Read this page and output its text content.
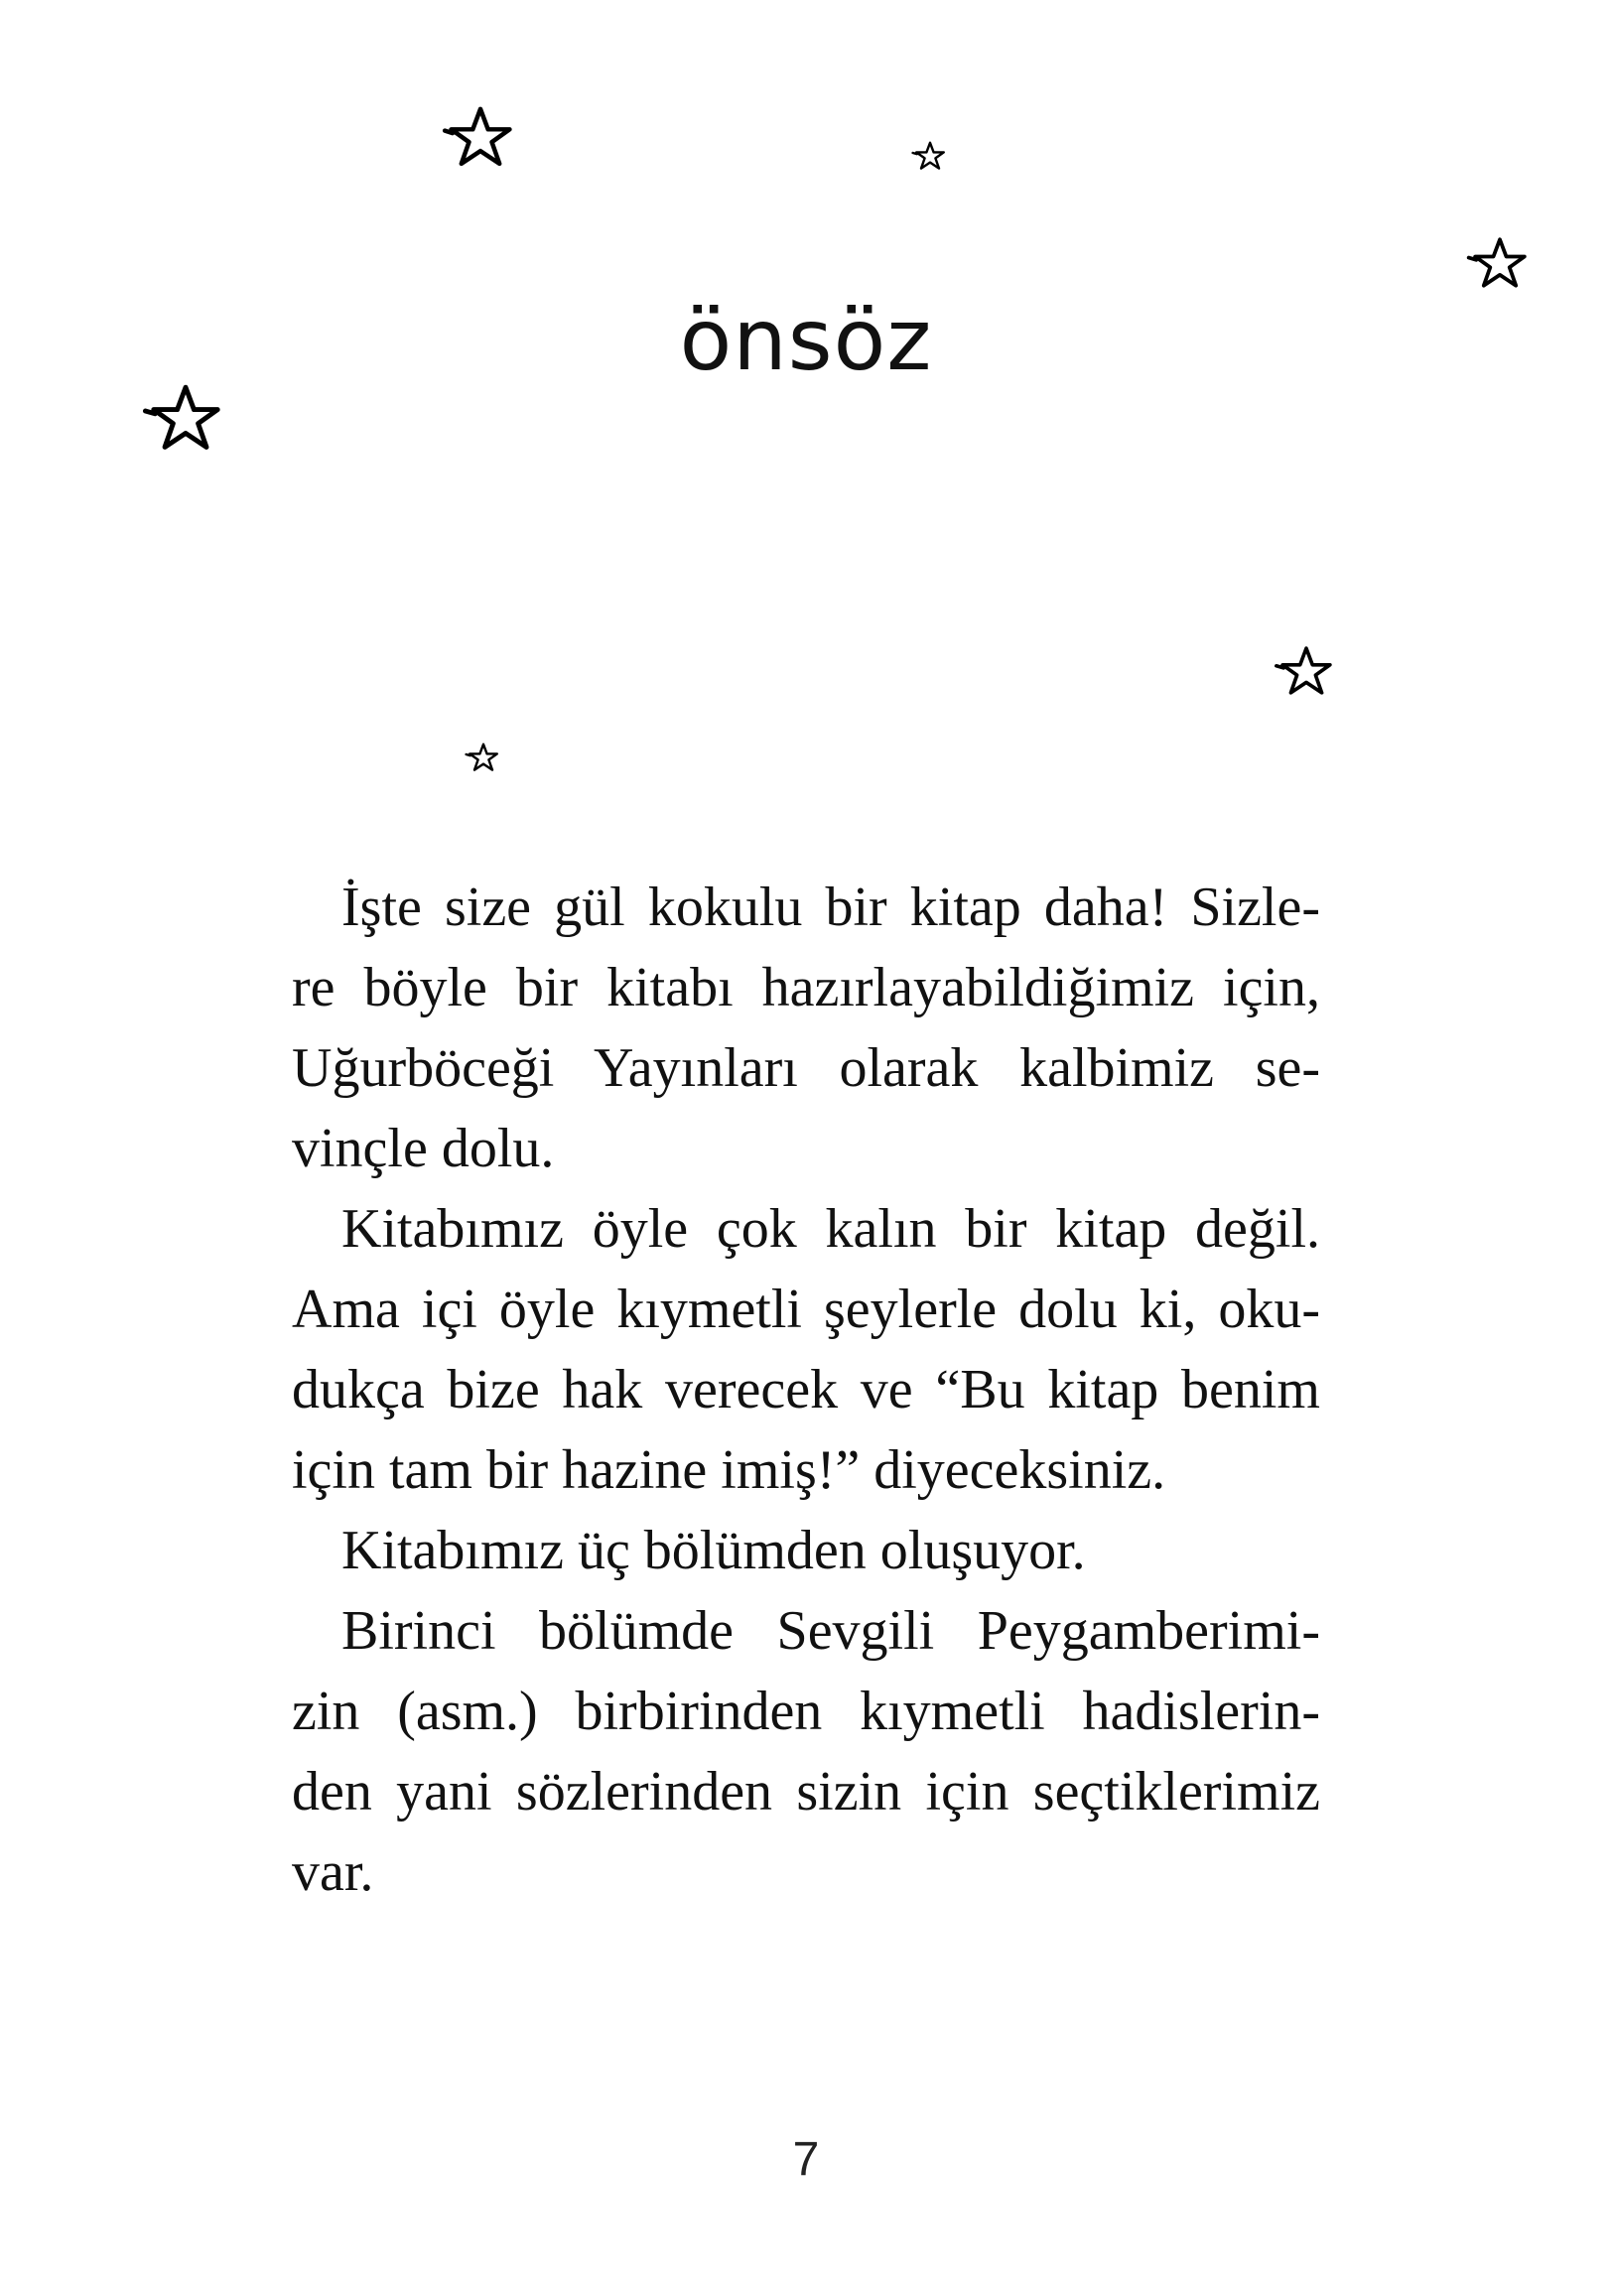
önsöz

İşte size gül kokulu bir kitap daha! Sizle-
re böyle bir kitabı hazırlayabildiğimiz için,
Uğurböceği Yayınları olarak kalbimiz se-
vinçle dolu.

Kitabımız öyle çok kalın bir kitap değil.
Ama içi öyle kıymetli şeylerle dolu ki, oku-
dukça bize hak verecek ve “Bu kitap benim
için tam bir hazine imiş!” diyeceksiniz.

Kitabımız üç bölümden oluşuyor.

Birinci bölümde Sevgili Peygamberimi-
zin (asm.) birbirinden kıymetli hadislerin-
den yani sözlerinden sizin için seçtiklerimiz
var.

7
